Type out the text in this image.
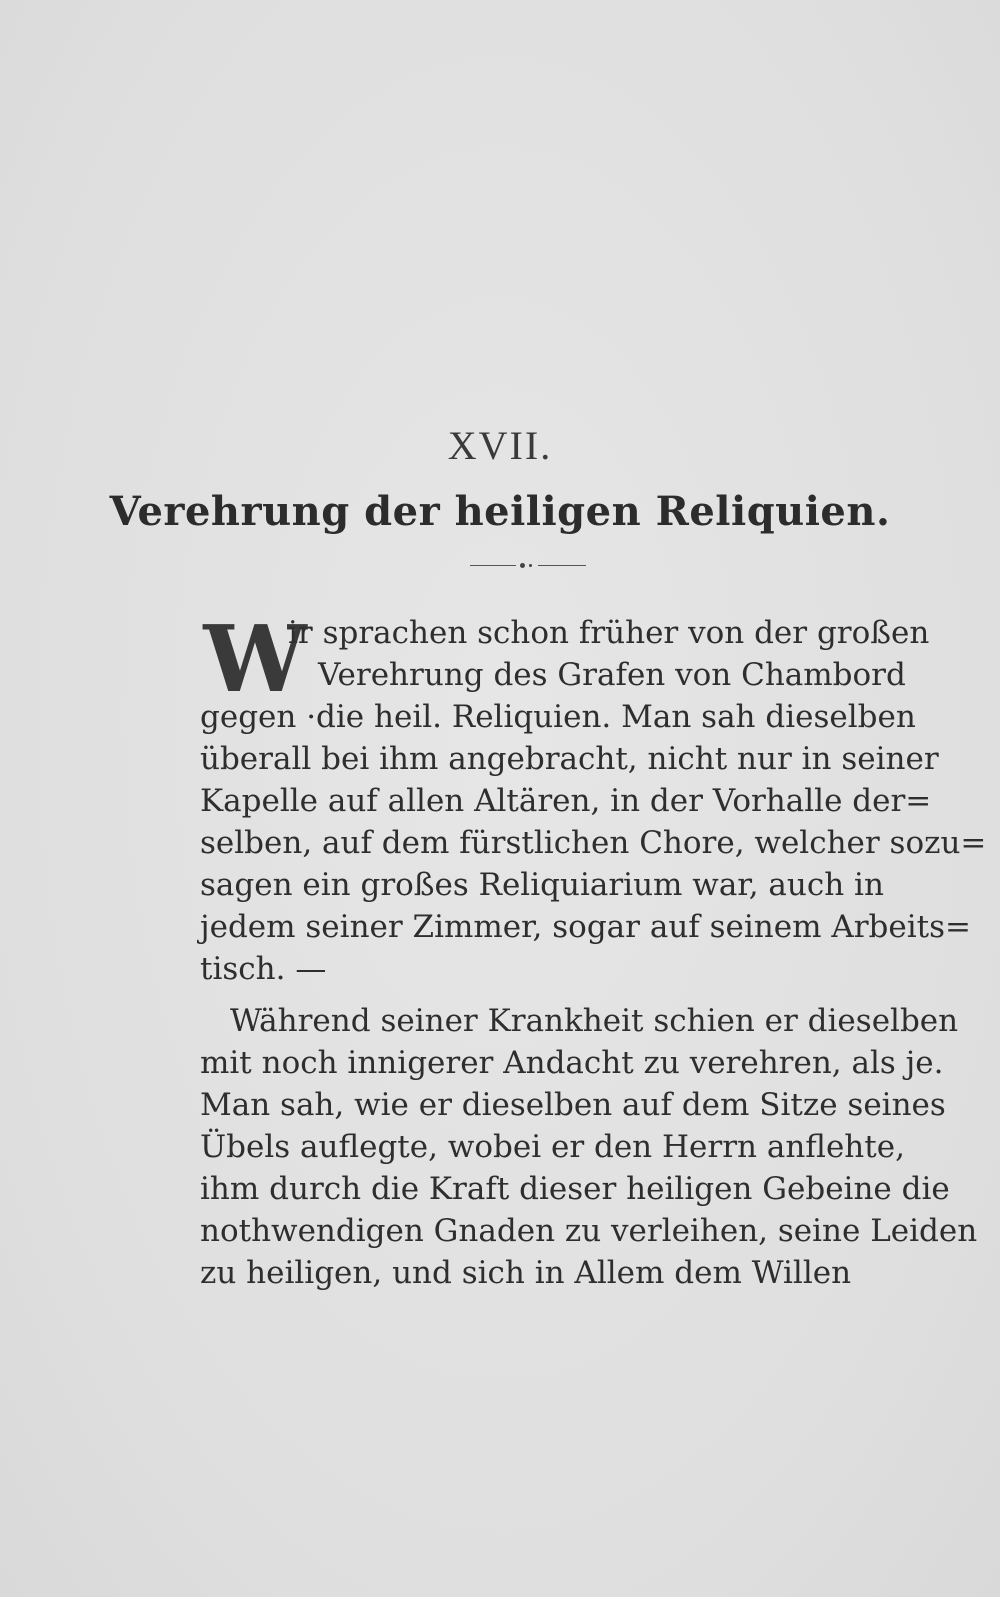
XVII.
Verehrung der heiligen Reliquien.
W
ir sprachen schon früher von der großen
Verehrung des Grafen von Chambord
gegen ·die heil. Reliquien. Man sah dieselben
überall bei ihm angebracht, nicht nur in seiner
Kapelle auf allen Altären, in der Vorhalle der=
selben, auf dem fürstlichen Chore, welcher sozu=
sagen ein großes Reliquiarium war, auch in
jedem seiner Zimmer, sogar auf seinem Arbeits=
tisch. —
Während seiner Krankheit schien er dieselben
mit noch innigerer Andacht zu verehren, als je.
Man sah, wie er dieselben auf dem Sitze seines
Übels auflegte, wobei er den Herrn anflehte,
ihm durch die Kraft dieser heiligen Gebeine die
nothwendigen Gnaden zu verleihen, seine Leiden
zu heiligen, und sich in Allem dem Willen
